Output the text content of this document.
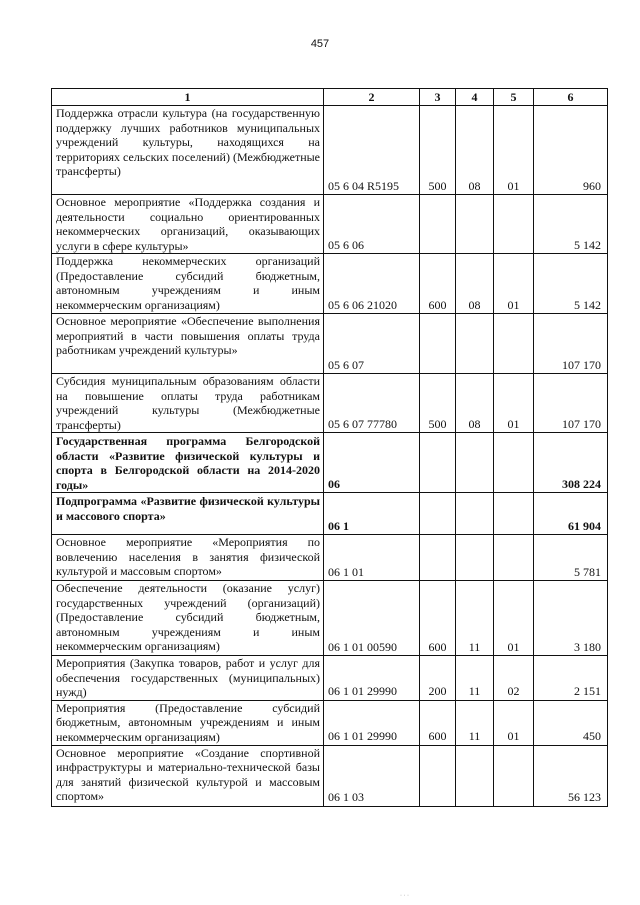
457
1	2	3	4	5	6
Поддержка отрасли культура (на государственную поддержку лучших работников муниципальных учреждений культуры, находящихся на территориях сельских поселений) (Межбюджетные трансферты)	05 6 04 R5195	500	08	01	960
Основное мероприятие «Поддержка создания и деятельности социально ориентированных некоммерческих организаций, оказывающих услуги в сфере культуры»	05 6 06				5 142
Поддержка некоммерческих организаций (Предоставление субсидий бюджетным, автономным учреждениям и иным некоммерческим организациям)	05 6 06 21020	600	08	01	5 142
Основное мероприятие «Обеспечение выполнения мероприятий в части повышения оплаты труда работникам учреждений культуры»	05 6 07				107 170
Субсидия муниципальным образованиям области на повышение оплаты труда работникам учреждений культуры (Межбюджетные трансферты)	05 6 07 77780	500	08	01	107 170
Государственная программа Белгородской области «Развитие физической культуры и спорта в Белгородской области на 2014-2020 годы»	06				308 224
Подпрограмма «Развитие физической культуры и массового спорта»	06 1				61 904
Основное мероприятие «Мероприятия по вовлечению населения в занятия физической культурой и массовым спортом»	06 1 01				5 781
Обеспечение деятельности (оказание услуг) государственных учреждений (организаций) (Предоставление субсидий бюджетным, автономным учреждениям и иным некоммерческим организациям)	06 1 01 00590	600	11	01	3 180
Мероприятия (Закупка товаров, работ и услуг для обеспечения государственных (муниципальных) нужд)	06 1 01 29990	200	11	02	2 151
Мероприятия (Предоставление субсидий бюджетным, автономным учреждениям и иным некоммерческим организациям)	06 1 01 29990	600	11	01	450
Основное мероприятие «Создание спортивной инфраструктуры и материально-технической базы для занятий физической культурой и массовым спортом»	06 1 03				56 123
· · ·
